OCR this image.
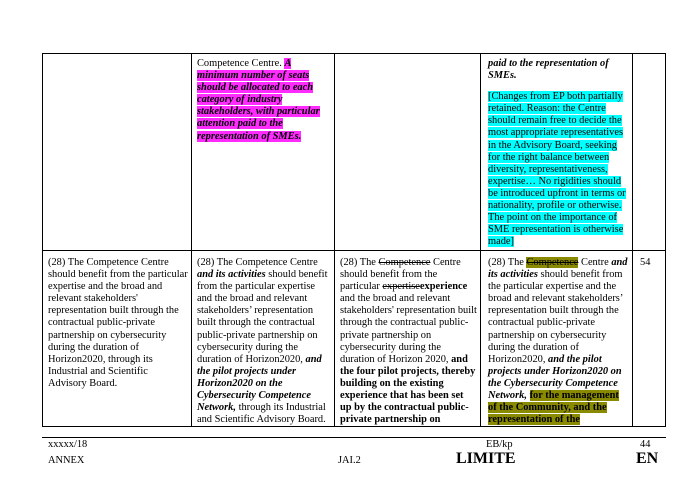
Competence Centre. A minimum number of seats should be allocated to each category of industry stakeholders, with particular attention paid to the representation of SMEs.

paid to the representation of SMEs.

[Changes from EP both partially retained. Reason: the Centre should remain free to decide the most appropriate representatives in the Advisory Board, seeking for the right balance between diversity, representativeness, expertise… No rigidities should be introduced upfront in terms or nationality, profile or otherwise. The point on the importance of SME representation is otherwise made]

(28) The Competence Centre should benefit from the particular expertise and the broad and relevant stakeholders' representation built through the contractual public-private partnership on cybersecurity during the duration of Horizon2020, through its Industrial and Scientific Advisory Board.
(28) The Competence Centre and its activities should benefit from the particular expertise and the broad and relevant stakeholders’ representation built through the contractual public-private partnership on cybersecurity during the duration of Horizon2020, and the pilot projects under Horizon2020 on the Cybersecurity Competence Network, through its Industrial and Scientific Advisory Board.
(28) The Competence Centre should benefit from the particular expertiseexperience and the broad and relevant stakeholders' representation built through the contractual public-private partnership on cybersecurity during the duration of Horizon 2020, and the four pilot projects, thereby building on the existing experience that has been set up by the contractual public-private partnership on
(28) The Competence Centre and its activities should benefit from the particular expertise and the broad and relevant stakeholders’ representation built through the contractual public-private partnership on cybersecurity during the duration of Horizon2020, and the pilot projects under Horizon2020 on the Cybersecurity Competence Network, for the management of the Community, and the representation of the
54
xxxxx/18
ANNEX
EB/kp
JAI.2	LIMITE
44
EN
